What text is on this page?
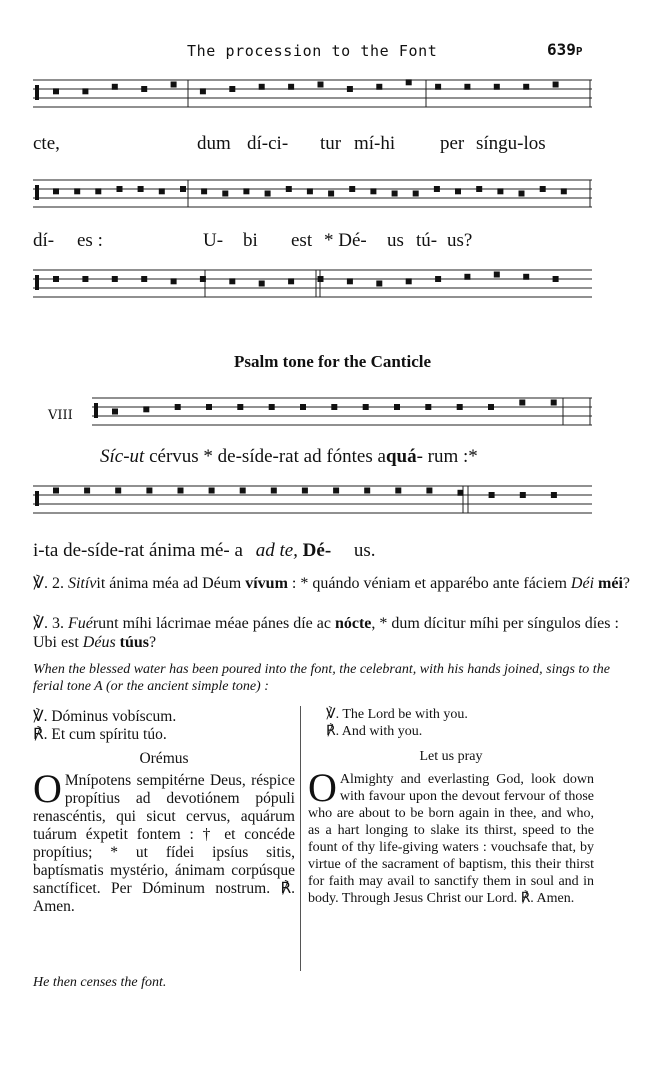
The procession to the Font	639P
cte,	dum dí-ci- tur mí-hi per síngu-los
dí- es :	U- bi est * Dé- us tú- us?
Psalm tone for the Canticle
VIII
Síc-ut cérvus * de-síde-rat ad fóntes aquá- rum :*
i-ta de-síde-rat ánima mé- a ad te, Dé- us.
℣. 2. Sitívit ánima méa ad Déum vívum : * quándo véniam et apparébo ante fáciem Déi méi?
℣. 3. Fuérunt míhi lácrimae méae pánes díe ac nócte, * dum dícitur míhi per síngulos díes : Ubi est Déus túus?
When the blessed water has been poured into the font, the celebrant, with his hands joined, sings to the ferial tone A (or the ancient simple tone) :
℣. Dóminus vobíscum.
℟. Et cum spíritu túo.
Orémus
O Mnípotens sempitérne Deus, réspice propítius ad devotiónem pópuli renascéntis, qui sicut cervus, aquárum tuárum éxpetit fontem : † et concéde propítius; * ut fídei ipsíus sitis, baptísmatis mystério, ánimam corpúsque sanctíficet. Per Dóminum nostrum. ℟. Amen.
℣. The Lord be with you.
℟. And with you.
Let us pray
O Almighty and everlasting God, look down with favour upon the devout fervour of those who are about to be born again in thee, and who, as a hart longing to slake its thirst, speed to the fount of thy life-giving waters : vouchsafe that, by virtue of the sacrament of baptism, this their thirst for faith may avail to sanctify them in soul and in body. Through Jesus Christ our Lord. ℟. Amen.
He then censes the font.
